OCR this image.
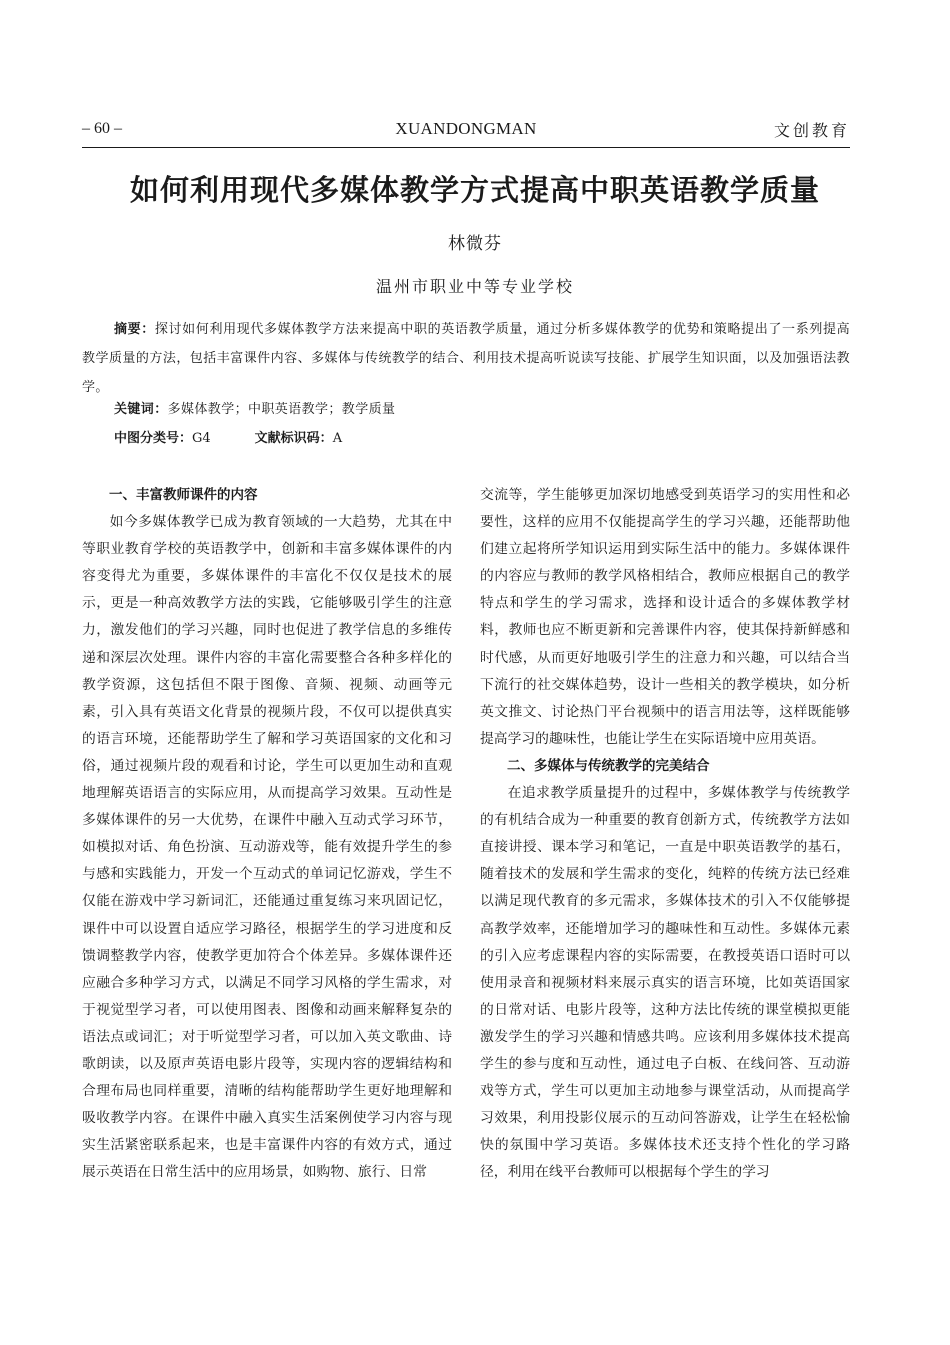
– 60 –	XUANDONGMAN	文创教育
如何利用现代多媒体教学方式提高中职英语教学质量
林微芬
温州市职业中等专业学校
摘要：探讨如何利用现代多媒体教学方法来提高中职的英语教学质量，通过分析多媒体教学的优势和策略提出了一系列提高教学质量的方法，包括丰富课件内容、多媒体与传统教学的结合、利用技术提高听说读写技能、扩展学生知识面，以及加强语法教学。
关键词：多媒体教学；中职英语教学；教学质量
中图分类号：G4	文献标识码：A
一、丰富教师课件的内容

如今多媒体教学已成为教育领域的一大趋势，尤其在中等职业教育学校的英语教学中，创新和丰富多媒体课件的内容变得尤为重要，多媒体课件的丰富化不仅仅是技术的展示，更是一种高效教学方法的实践，它能够吸引学生的注意力，激发他们的学习兴趣，同时也促进了教学信息的多维传递和深层次处理。课件内容的丰富化需要整合各种多样化的教学资源，这包括但不限于图像、音频、视频、动画等元素，引入具有英语文化背景的视频片段，不仅可以提供真实的语言环境，还能帮助学生了解和学习英语国家的文化和习俗，通过视频片段的观看和讨论，学生可以更加生动和直观地理解英语语言的实际应用，从而提高学习效果。互动性是多媒体课件的另一大优势，在课件中融入互动式学习环节，如模拟对话、角色扮演、互动游戏等，能有效提升学生的参与感和实践能力，开发一个互动式的单词记忆游戏，学生不仅能在游戏中学习新词汇，还能通过重复练习来巩固记忆，课件中可以设置自适应学习路径，根据学生的学习进度和反馈调整教学内容，使教学更加符合个体差异。多媒体课件还应融合多种学习方式，以满足不同学习风格的学生需求，对于视觉型学习者，可以使用图表、图像和动画来解释复杂的语法点或词汇；对于听觉型学习者，可以加入英文歌曲、诗歌朗读，以及原声英语电影片段等，实现内容的逻辑结构和合理布局也同样重要，清晰的结构能帮助学生更好地理解和吸收教学内容。在课件中融入真实生活案例使学习内容与现实生活紧密联系起来，也是丰富课件内容的有效方式，通过展示英语在日常生活中的应用场景，如购物、旅行、日常

交流等，学生能够更加深切地感受到英语学习的实用性和必要性，这样的应用不仅能提高学生的学习兴趣，还能帮助他们建立起将所学知识运用到实际生活中的能力。多媒体课件的内容应与教师的教学风格相结合，教师应根据自己的教学特点和学生的学习需求，选择和设计适合的多媒体教学材料，教师也应不断更新和完善课件内容，使其保持新鲜感和时代感，从而更好地吸引学生的注意力和兴趣，可以结合当下流行的社交媒体趋势，设计一些相关的教学模块，如分析英文推文、讨论热门平台视频中的语言用法等，这样既能够提高学习的趣味性，也能让学生在实际语境中应用英语。

二、多媒体与传统教学的完美结合

在追求教学质量提升的过程中，多媒体教学与传统教学的有机结合成为一种重要的教育创新方式，传统教学方法如直接讲授、课本学习和笔记，一直是中职英语教学的基石，随着技术的发展和学生需求的变化，纯粹的传统方法已经难以满足现代教育的多元需求，多媒体技术的引入不仅能够提高教学效率，还能增加学习的趣味性和互动性。多媒体元素的引入应考虑课程内容的实际需要，在教授英语口语时可以使用录音和视频材料来展示真实的语言环境，比如英语国家的日常对话、电影片段等，这种方法比传统的课堂模拟更能激发学生的学习兴趣和情感共鸣。应该利用多媒体技术提高学生的参与度和互动性，通过电子白板、在线问答、互动游戏等方式，学生可以更加主动地参与课堂活动，从而提高学习效果，利用投影仪展示的互动问答游戏，让学生在轻松愉快的氛围中学习英语。多媒体技术还支持个性化的学习路径，利用在线平台教师可以根据每个学生的学习
